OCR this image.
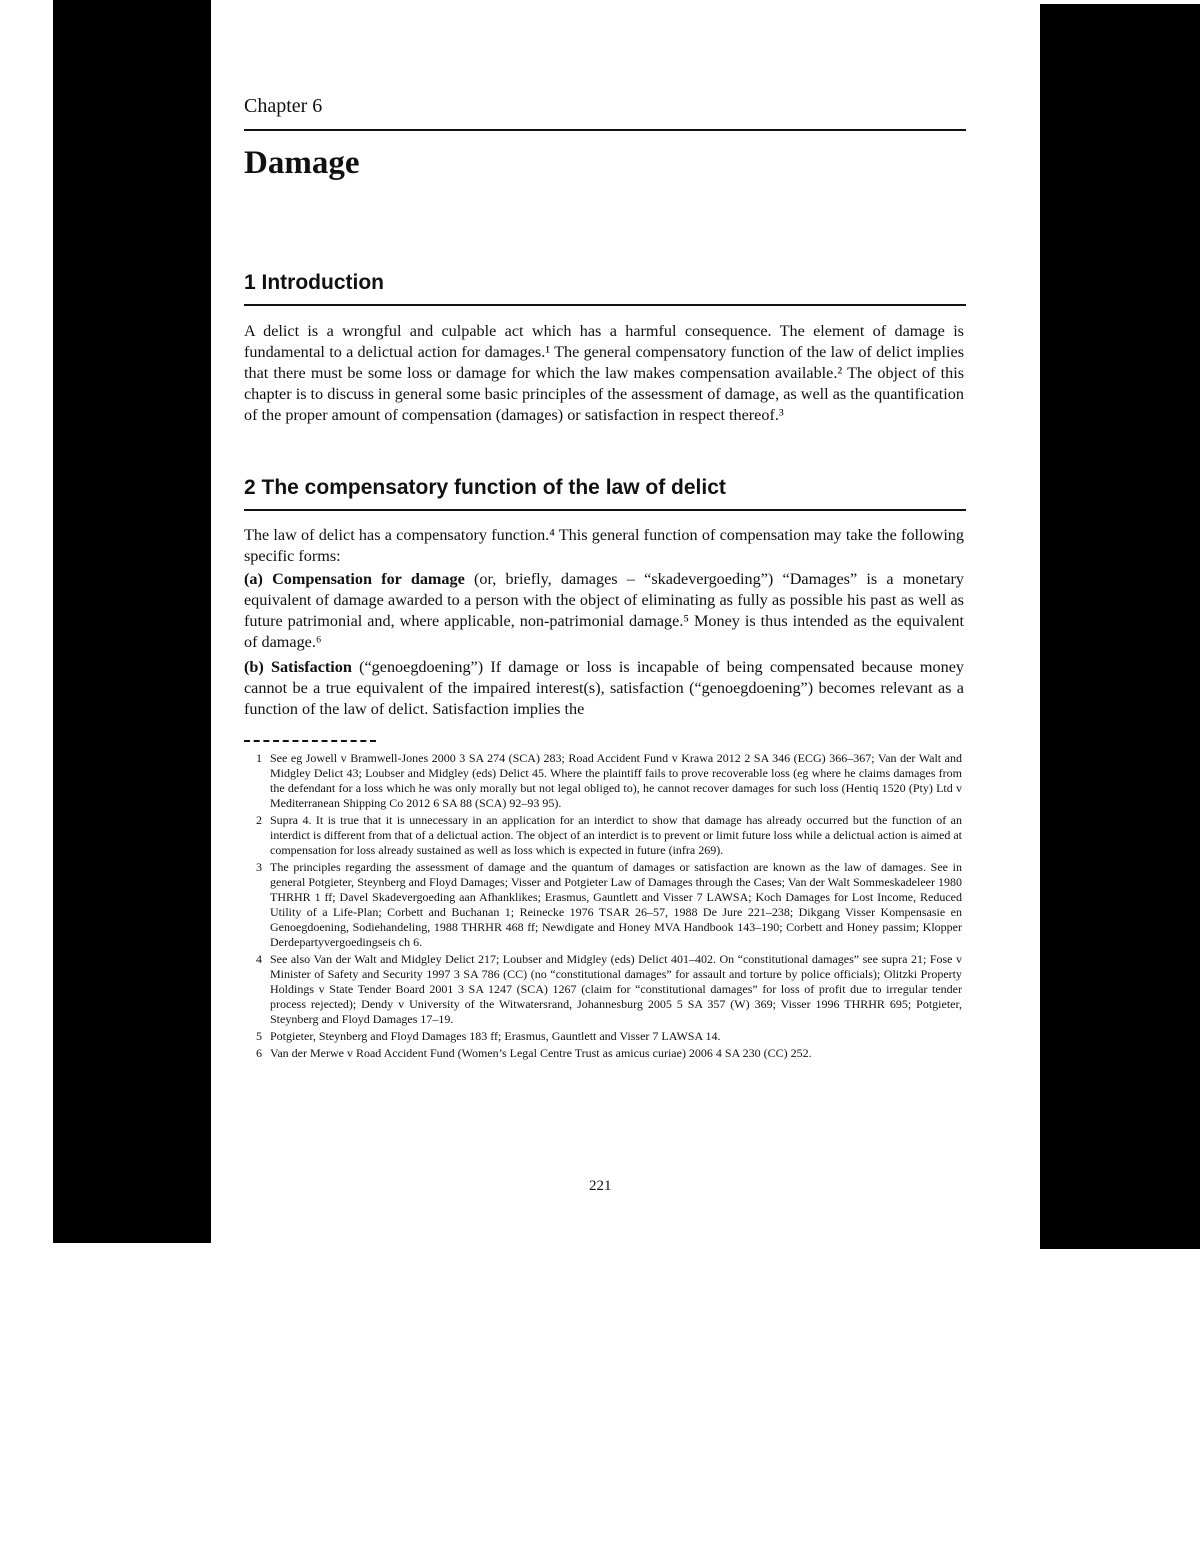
Chapter 6
Damage
1 Introduction
A delict is a wrongful and culpable act which has a harmful consequence. The element of damage is fundamental to a delictual action for damages.¹ The general compensatory function of the law of delict implies that there must be some loss or damage for which the law makes compensation available.² The object of this chapter is to discuss in general some basic principles of the assessment of damage, as well as the quantification of the proper amount of compensation (damages) or satisfaction in respect thereof.³
2 The compensatory function of the law of delict
The law of delict has a compensatory function.⁴ This general function of compensation may take the following specific forms:
(a) Compensation for damage (or, briefly, damages – “skadevergoeding”) “Damages” is a monetary equivalent of damage awarded to a person with the object of eliminating as fully as possible his past as well as future patrimonial and, where applicable, non-patrimonial damage.⁵ Money is thus intended as the equivalent of damage.⁶
(b) Satisfaction (“genoegdoening”) If damage or loss is incapable of being compensated because money cannot be a true equivalent of the impaired interest(s), satisfaction (“genoegdoening”) becomes relevant as a function of the law of delict. Satisfaction implies the
1 See eg Jowell v Bramwell-Jones 2000 3 SA 274 (SCA) 283; Road Accident Fund v Krawa 2012 2 SA 346 (ECG) 366–367; Van der Walt and Midgley Delict 43; Loubser and Midgley (eds) Delict 45. Where the plaintiff fails to prove recoverable loss (eg where he claims damages from the defendant for a loss which he was only morally but not legal obliged to), he cannot recover damages for such loss (Hentiq 1520 (Pty) Ltd v Mediterranean Shipping Co 2012 6 SA 88 (SCA) 92–93 95).
2 Supra 4. It is true that it is unnecessary in an application for an interdict to show that damage has already occurred but the function of an interdict is different from that of a delictual action. The object of an interdict is to prevent or limit future loss while a delictual action is aimed at compensation for loss already sustained as well as loss which is expected in future (infra 269).
3 The principles regarding the assessment of damage and the quantum of damages or satisfaction are known as the law of damages. See in general Potgieter, Steynberg and Floyd Damages; Visser and Potgieter Law of Damages through the Cases; Van der Walt Sommeskadeleer 1980 THRHR 1 ff; Davel Skadevergoeding aan Afhanklikes; Erasmus, Gauntlett and Visser 7 LAWSA; Koch Damages for Lost Income, Reduced Utility of a Life-Plan; Corbett and Buchanan 1; Reinecke 1976 TSAR 26–57, 1988 De Jure 221–238; Dikgang Visser Kompensasie en Genoegdoening, Sodiehandeling, 1988 THRHR 468 ff; Newdigate and Honey MVA Handbook 143–190; Corbett and Honey passim; Klopper Derdepartyvergoedingseis ch 6.
4 See also Van der Walt and Midgley Delict 217; Loubser and Midgley (eds) Delict 401–402. On “constitutional damages” see supra 21; Fose v Minister of Safety and Security 1997 3 SA 786 (CC) (no “constitutional damages” for assault and torture by police officials); Olitzki Property Holdings v State Tender Board 2001 3 SA 1247 (SCA) 1267 (claim for “constitutional damages” for loss of profit due to irregular tender process rejected); Dendy v University of the Witwatersrand, Johannesburg 2005 5 SA 357 (W) 369; Visser 1996 THRHR 695; Potgieter, Steynberg and Floyd Damages 17–19.
5 Potgieter, Steynberg and Floyd Damages 183 ff; Erasmus, Gauntlett and Visser 7 LAWSA 14.
6 Van der Merwe v Road Accident Fund (Women’s Legal Centre Trust as amicus curiae) 2006 4 SA 230 (CC) 252.
221
